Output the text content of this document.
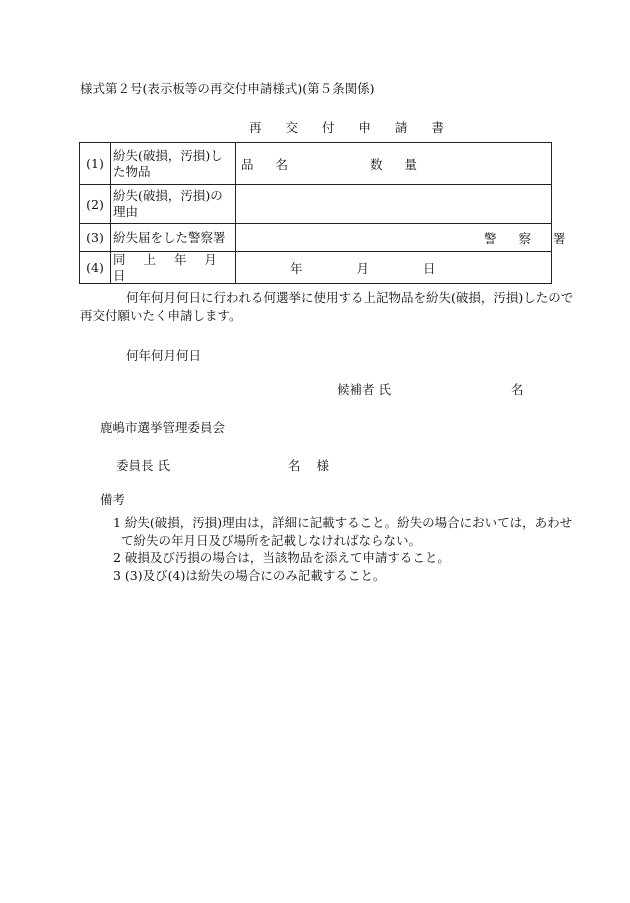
様式第２号(表示板等の再交付申請様式)(第５条関係)
再 交 付 申 請 書
(1)	紛失(破損，汚損)した物品	品 名 数 量

(2)	紛失(破損，汚損)の理由	
(3)	紛失届をした警察署	警 察 署

(4)	同 上 年 月 日	年 月 日
何年何月何日に行われる何選挙に使用する上記物品を紛失(破損，汚損)したので
再交付願いたく申請します。
何年何月何日
候補者 氏	名
鹿嶋市選挙管理委員会
委員長 氏	名 様
備考
1 紛失(破損，汚損)理由は，詳細に記載すること。紛失の場合においては，あわせ
て紛失の年月日及び場所を記載しなければならない。
2 破損及び汚損の場合は，当該物品を添えて申請すること。
3 (3)及び(4)は紛失の場合にのみ記載すること。
